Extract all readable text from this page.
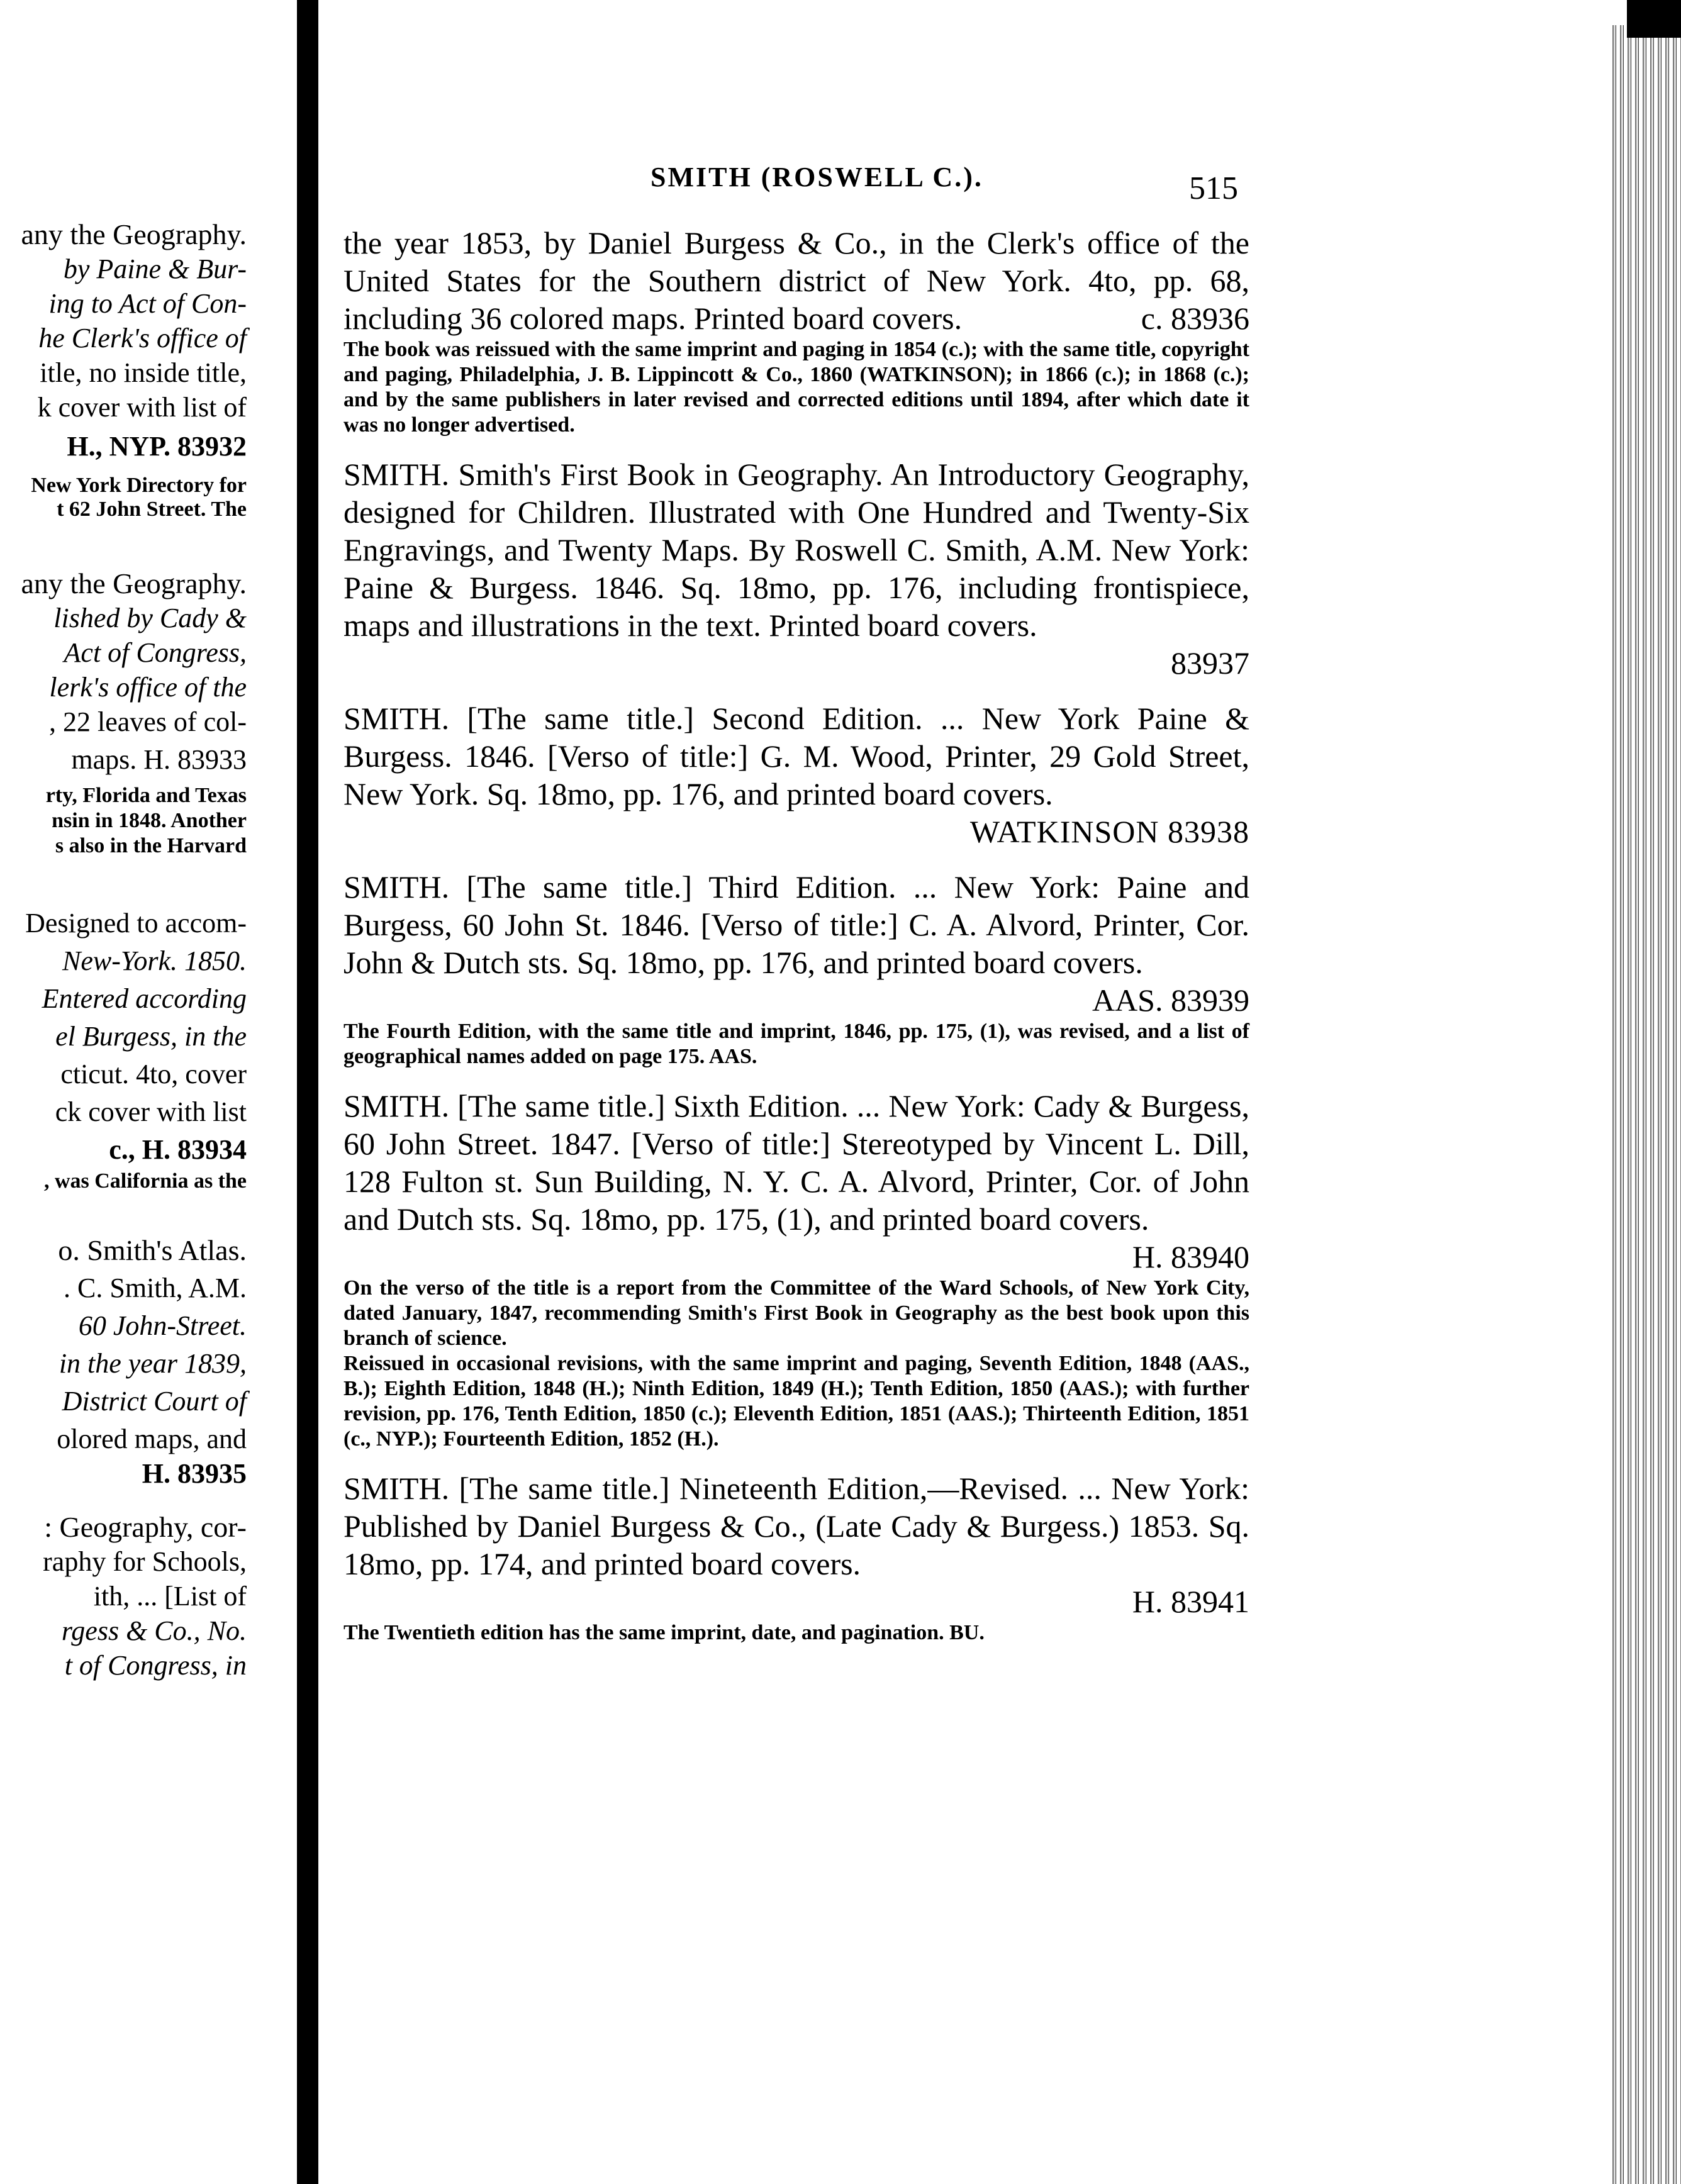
any the Geography.
by Paine & Bur-
ing to Act of Con-
he Clerk's office of
itle, no inside title,
k cover with list of
H., NYP. 83932
New York Directory for
t 62 John Street. The
any the Geography.
lished by Cady &
Act of Congress,
lerk's office of the
, 22 leaves of col-
maps. H. 83933
rty, Florida and Texas
nsin in 1848. Another
s also in the Harvard
Designed to accom-
New-York. 1850.
Entered according
el Burgess, in the
cticut. 4to, cover
ck cover with list
c., H. 83934
, was California as the
o. Smith's Atlas.
. C. Smith, A.M.
60 John-Street.
in the year 1839,
District Court of
olored maps, and
H. 83935
: Geography, cor-
raphy for Schools,
ith, ... [List of
rgess & Co., No.
t of Congress, in
SMITH (ROSWELL C.).	515

the year 1853, by Daniel Burgess & Co., in the Clerk's office of the United States for the Southern district of New York. 4to, pp. 68, including 36 colored maps. Printed board covers.	c. 83936

The book was reissued with the same imprint and paging in 1854 (c.); with the same title, copyright and paging, Philadelphia, J. B. Lippincott & Co., 1860 (WATKINSON); in 1866 (c.); in 1868 (c.); and by the same publishers in later revised and corrected editions until 1894, after which date it was no longer advertised.

SMITH. Smith's First Book in Geography. An Introductory Geography, designed for Children. Illustrated with One Hundred and Twenty-Six Engravings, and Twenty Maps. By Roswell C. Smith, A.M. New York: Paine & Burgess. 1846. Sq. 18mo, pp. 176, including frontispiece, maps and illustrations in the text. Printed board covers.

83937

SMITH. [The same title.] Second Edition. ... New York Paine & Burgess. 1846. [Verso of title:] G. M. Wood, Printer, 29 Gold Street, New York. Sq. 18mo, pp. 176, and printed board covers.

WATKINSON 83938

SMITH. [The same title.] Third Edition. ... New York: Paine and Burgess, 60 John St. 1846. [Verso of title:] C. A. Alvord, Printer, Cor. John & Dutch sts. Sq. 18mo, pp. 176, and printed board covers.
AAS. 83939

The Fourth Edition, with the same title and imprint, 1846, pp. 175, (1), was revised, and a list of geographical names added on page 175. AAS.

SMITH. [The same title.] Sixth Edition. ... New York: Cady & Burgess, 60 John Street. 1847. [Verso of title:] Stereotyped by Vincent L. Dill, 128 Fulton st. Sun Building, N. Y. C. A. Alvord, Printer, Cor. of John and Dutch sts. Sq. 18mo, pp. 175, (1), and printed board covers.
H. 83940

On the verso of the title is a report from the Committee of the Ward Schools, of New York City, dated January, 1847, recommending Smith's First Book in Geography as the best book upon this branch of science.

Reissued in occasional revisions, with the same imprint and paging, Seventh Edition, 1848 (AAS., B.); Eighth Edition, 1848 (H.); Ninth Edition, 1849 (H.); Tenth Edition, 1850 (AAS.); with further revision, pp. 176, Tenth Edition, 1850 (c.); Eleventh Edition, 1851 (AAS.); Thirteenth Edition, 1851 (c., NYP.); Fourteenth Edition, 1852 (H.).

SMITH. [The same title.] Nineteenth Edition,—Revised. ... New York: Published by Daniel Burgess & Co., (Late Cady & Burgess.) 1853. Sq. 18mo, pp. 174, and printed board covers.

H. 83941

The Twentieth edition has the same imprint, date, and pagination. BU.
